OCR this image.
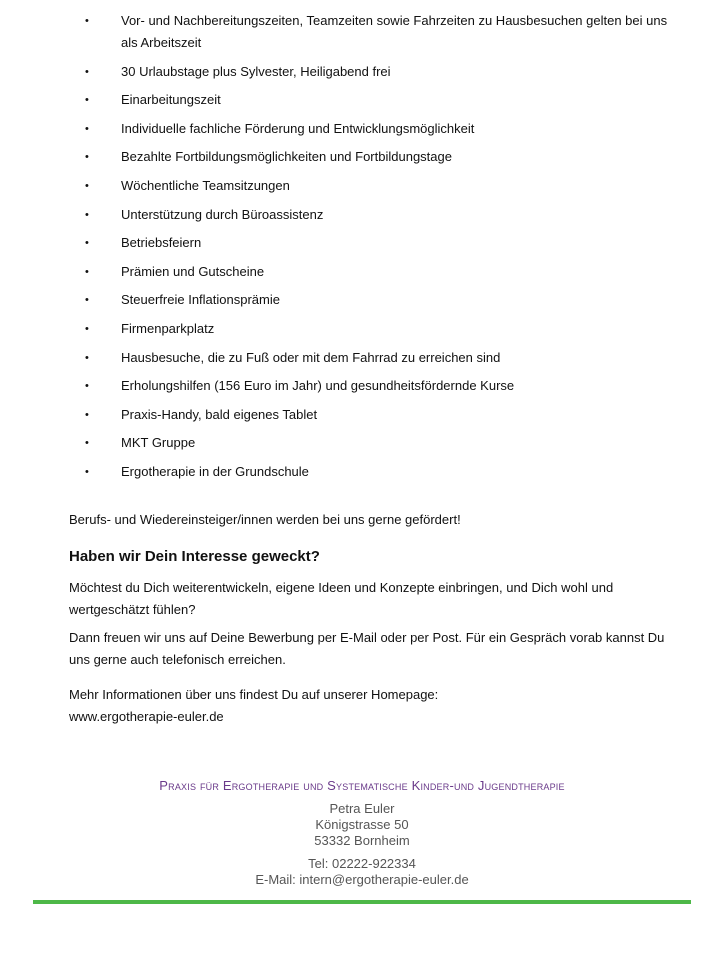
•	Vor- und Nachbereitungszeiten, Teamzeiten sowie Fahrzeiten zu Hausbesuchen gelten bei uns als Arbeitszeit
•	30 Urlaubstage plus Sylvester, Heiligabend frei
•	Einarbeitungszeit
•	Individuelle fachliche Förderung und Entwicklungsmöglichkeit
•	Bezahlte Fortbildungsmöglichkeiten und Fortbildungstage
•	Wöchentliche Teamsitzungen
•	Unterstützung durch Büroassistenz
•	Betriebsfeiern
•	Prämien und Gutscheine
•	Steuerfreie Inflationsprämie
•	Firmenparkplatz
•	Hausbesuche, die zu Fuß oder mit dem Fahrrad zu erreichen sind
•	Erholungshilfen (156 Euro im Jahr) und gesundheitsfördernde Kurse
•	Praxis-Handy, bald eigenes Tablet
•	MKT Gruppe
•	Ergotherapie in der Grundschule
Berufs- und Wiedereinsteiger/innen werden bei uns gerne gefördert!
Haben wir Dein Interesse geweckt?
Möchtest du Dich weiterentwickeln, eigene Ideen und Konzepte einbringen, und Dich wohl und wertgeschätzt fühlen?
Dann freuen wir uns auf Deine Bewerbung per E-Mail oder per Post. Für ein Gespräch vorab kannst Du uns gerne auch telefonisch erreichen.
Mehr Informationen über uns findest Du auf unserer Homepage:
www.ergotherapie-euler.de
Praxis für Ergotherapie und Systematische Kinder-und Jugendtherapie
Petra Euler
Königstrasse 50
53332 Bornheim
Tel: 02222-922334
E-Mail: intern@ergotherapie-euler.de
